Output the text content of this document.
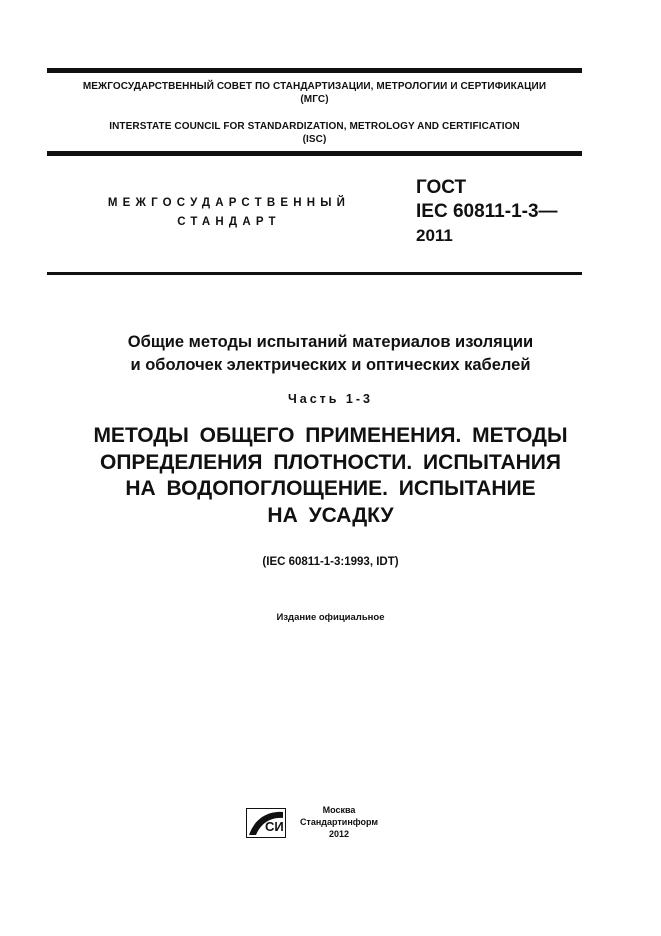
МЕЖГОСУДАРСТВЕННЫЙ СОВЕТ ПО СТАНДАРТИЗАЦИИ, МЕТРОЛОГИИ И СЕРТИФИКАЦИИ
(МГС)
INTERSTATE COUNCIL FOR STANDARDIZATION, METROLOGY AND CERTIFICATION
(ISC)
МЕЖГОСУДАРСТВЕННЫЙ
СТАНДАРТ
ГОСТ
IEC 60811-1-3—
2011
Общие методы испытаний материалов изоляции
и оболочек электрических и оптических кабелей
Часть 1-3
МЕТОДЫ ОБЩЕГО ПРИМЕНЕНИЯ. МЕТОДЫ
ОПРЕДЕЛЕНИЯ ПЛОТНОСТИ. ИСПЫТАНИЯ
НА ВОДОПОГЛОЩЕНИЕ. ИСПЫТАНИЕ
НА УСАДКУ
(IEC 60811-1-3:1993, IDT)
Издание официальное
СИ
Москва
Стандартинформ
2012
